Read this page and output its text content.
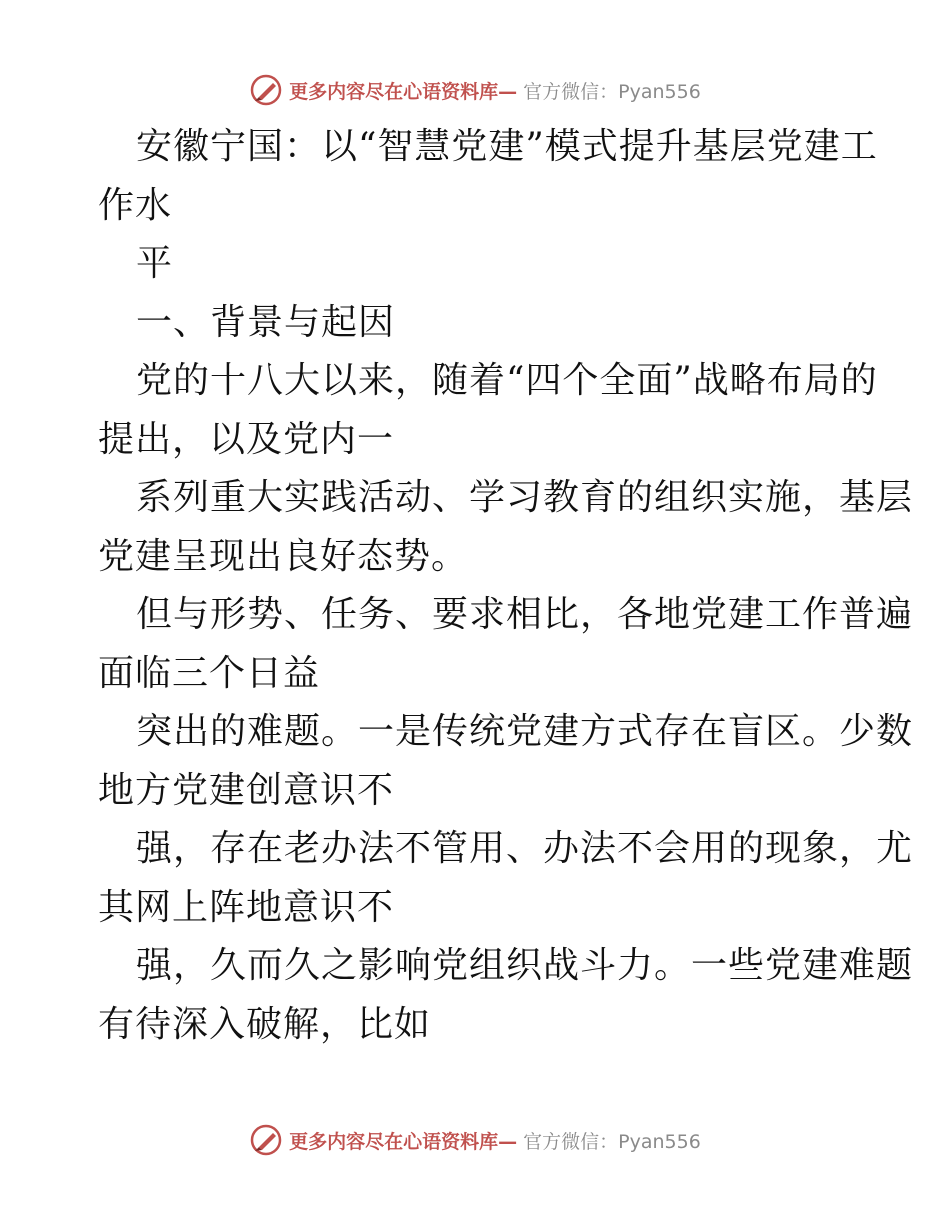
更多内容尽在心语资料库— 官方微信：Pyan556
安徽宁国：以“智慧党建”模式提升基层党建工
作水
平
一、背景与起因
党的十八大以来，随着“四个全面”战略布局的
提出，以及党内一
系列重大实践活动、学习教育的组织实施，基层
党建呈现出良好态势。
但与形势、任务、要求相比，各地党建工作普遍
面临三个日益
突出的难题。一是传统党建方式存在盲区。少数
地方党建创意识不
强，存在老办法不管用、办法不会用的现象，尤
其网上阵地意识不
强，久而久之影响党组织战斗力。一些党建难题
有待深入破解，比如
更多内容尽在心语资料库— 官方微信：Pyan556
